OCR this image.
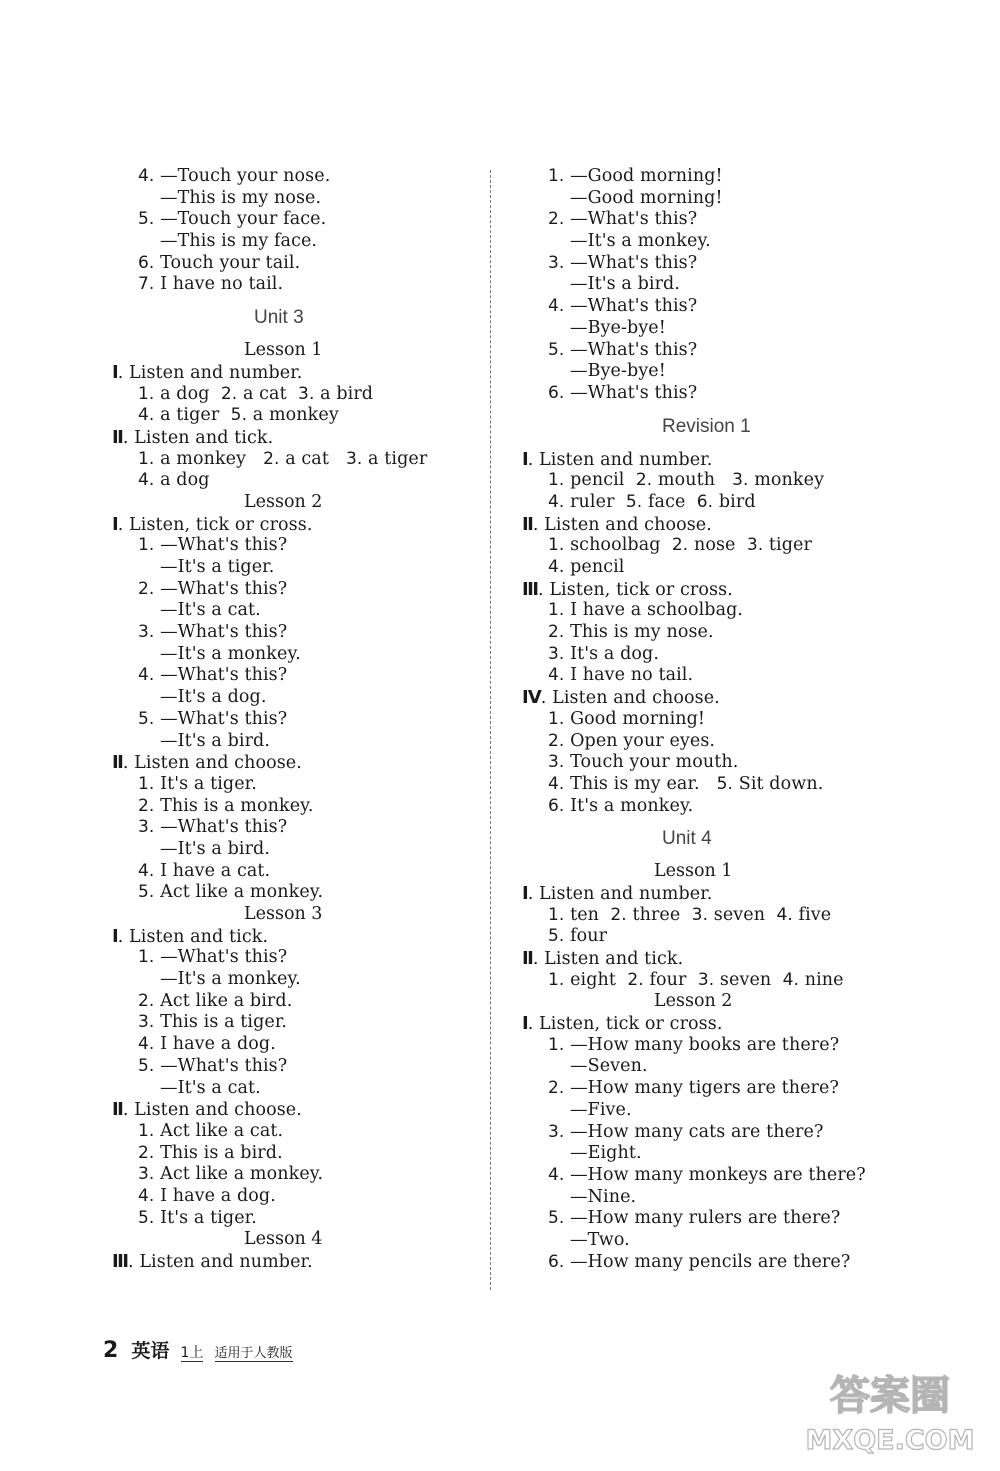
4. —Touch your nose.
—This is my nose.
5. —Touch your face.
—This is my face.
6. Touch your tail.
7. I have no tail.
Unit 3
Lesson 1
Ⅰ. Listen and number.
1. a dog  2. a cat  3. a bird
4. a tiger  5. a monkey
Ⅱ. Listen and tick.
1. a monkey   2. a cat   3. a tiger
4. a dog
Lesson 2
Ⅰ. Listen, tick or cross.
1. —What's this?
—It's a tiger.
2. —What's this?
—It's a cat.
3. —What's this?
—It's a monkey.
4. —What's this?
—It's a dog.
5. —What's this?
—It's a bird.
Ⅱ. Listen and choose.
1. It's a tiger.
2. This is a monkey.
3. —What's this?
—It's a bird.
4. I have a cat.
5. Act like a monkey.
Lesson 3
Ⅰ. Listen and tick.
1. —What's this?
—It's a monkey.
2. Act like a bird.
3. This is a tiger.
4. I have a dog.
5. —What's this?
—It's a cat.
Ⅱ. Listen and choose.
1. Act like a cat.
2. This is a bird.
3. Act like a monkey.
4. I have a dog.
5. It's a tiger.
Lesson 4
Ⅲ. Listen and number.
1. —Good morning!
—Good morning!
2. —What's this?
—It's a monkey.
3. —What's this?
—It's a bird.
4. —What's this?
—Bye-bye!
5. —What's this?
—Bye-bye!
6. —What's this?
Revision 1
Ⅰ. Listen and number.
1. pencil  2. mouth   3. monkey
4. ruler  5. face  6. bird
Ⅱ. Listen and choose.
1. schoolbag  2. nose  3. tiger
4. pencil
Ⅲ. Listen, tick or cross.
1. I have a schoolbag.
2. This is my nose.
3. It's a dog.
4. I have no tail.
Ⅳ. Listen and choose.
1. Good morning!
2. Open your eyes.
3. Touch your mouth.
4. This is my ear.   5. Sit down.
6. It's a monkey.
Unit 4
Lesson 1
Ⅰ. Listen and number.
1. ten  2. three  3. seven  4. five
5. four
Ⅱ. Listen and tick.
1. eight  2. four  3. seven  4. nine
Lesson 2
Ⅰ. Listen, tick or cross.
1. —How many books are there?
—Seven.
2. —How many tigers are there?
—Five.
3. —How many cats are there?
—Eight.
4. —How many monkeys are there?
—Nine.
5. —How many rulers are there?
—Two.
6. —How many pencils are there?
2 英语 1上 适用于人教版
答案圈
MXQE.COM
